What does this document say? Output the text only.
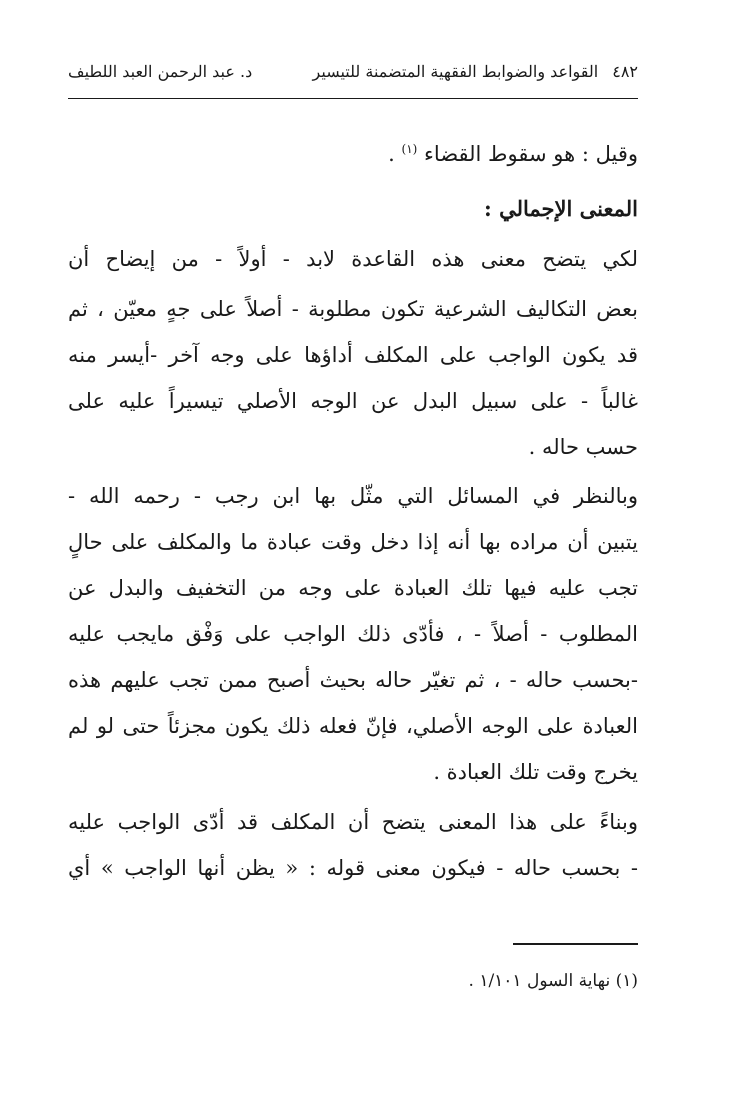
٤٨٢
القواعد والضوابط الفقهية المتضمنة للتيسير
د. عبد الرحمن العبد اللطيف
وقيل : هو سقوط القضاء $^{(١)}$ .
المعنى الإجمالي :
لكي يتضح معنى هذه القاعدة لابد - أولاً - من إيضاح أن
بعض التكاليف الشرعية تكون مطلوبة - أصلاً على جهٍ معيّن ، ثم
قد يكون الواجب على المكلف أداؤها على وجه آخر -أيسر منه
غالباً - على سبيل البدل عن الوجه الأصلي تيسيراً عليه على
حسب حاله .
وبالنظر في المسائل التي مثّل بها ابن رجب - رحمه الله -
يتبين أن مراده بها أنه إذا دخل وقت عبادة ما والمكلف على حالٍ
تجب عليه فيها تلك العبادة على وجه من التخفيف والبدل عن
المطلوب - أصلاً - ، فأدّى ذلك الواجب على وَفْق مايجب عليه
-بحسب حاله - ، ثم تغيّر حاله بحيث أصبح ممن تجب عليهم هذه
العبادة على الوجه الأصلي، فإنّ فعله ذلك يكون مجزئاً حتى لو لم
يخرج وقت تلك العبادة .
وبناءً على هذا المعنى يتضح أن المكلف قد أدّى الواجب عليه
- بحسب حاله - فيكون معنى قوله : « يظن أنها الواجب » أي
(١) نهاية السول ١/١٠١ .
